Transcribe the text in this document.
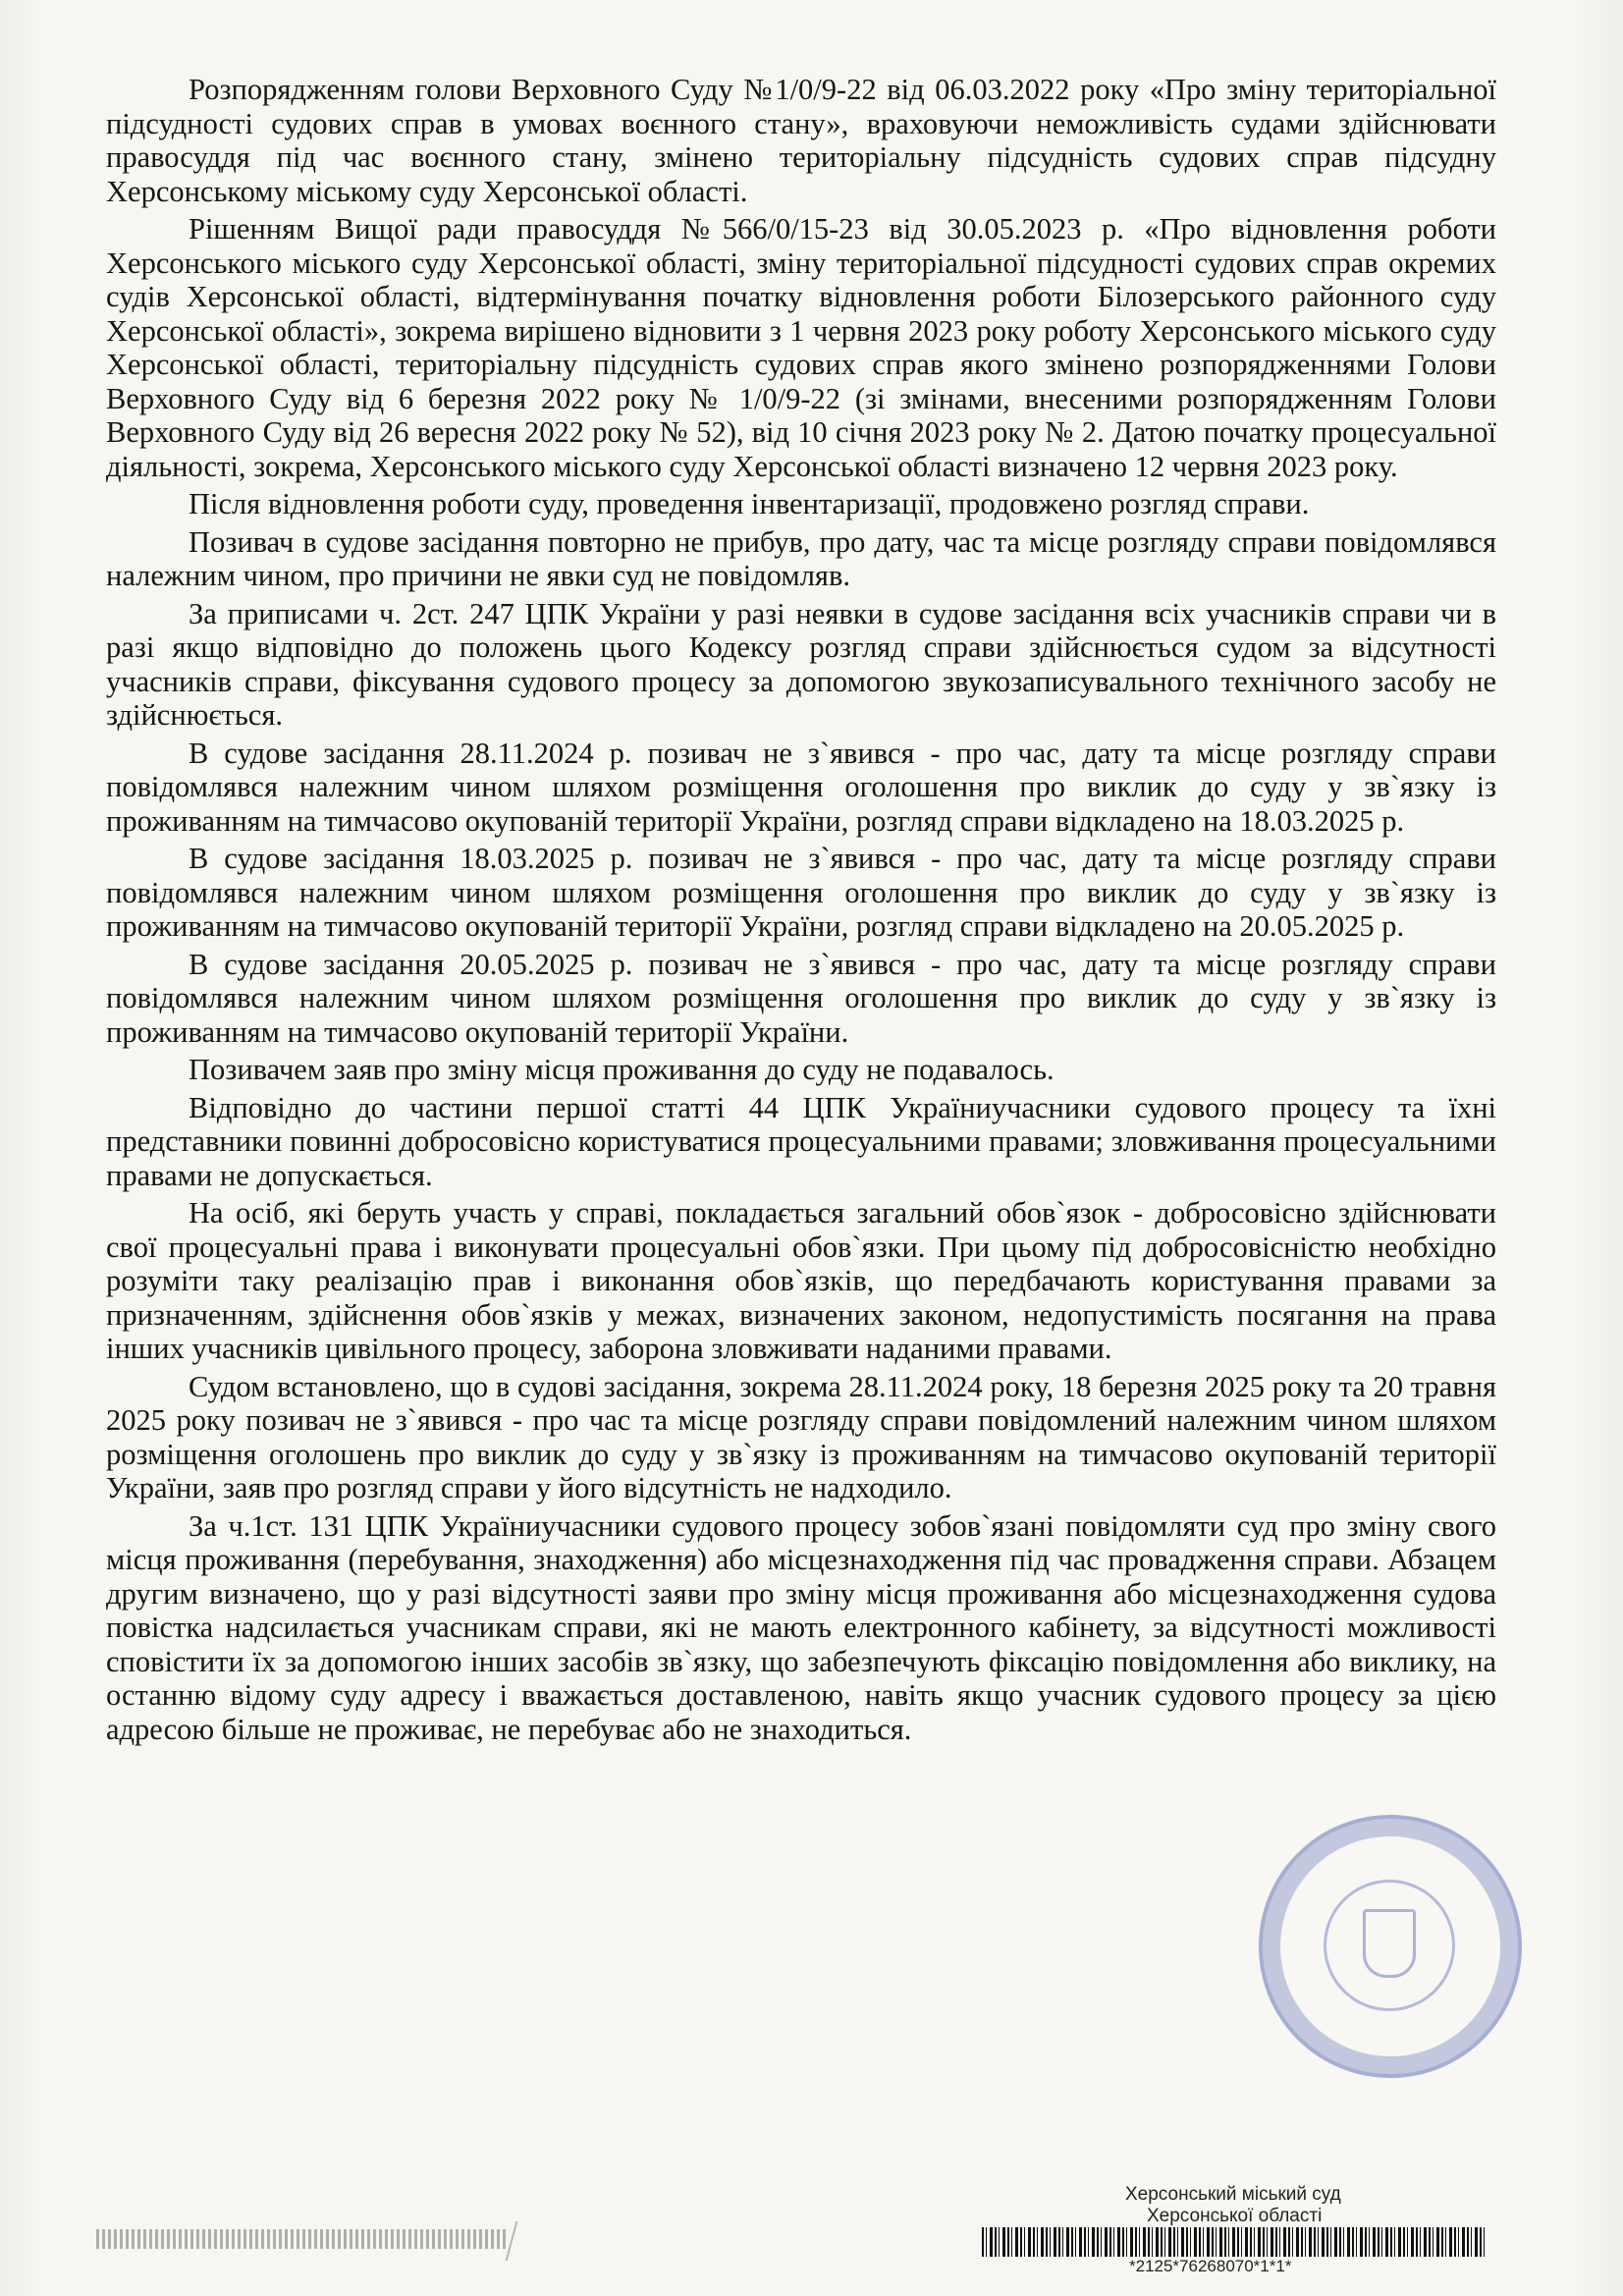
Розпорядженням голови Верховного Суду №1/0/9-22 від 06.03.2022 року «Про зміну територіальної підсудності судових справ в умовах воєнного стану», враховуючи неможливість судами здійснювати правосуддя під час воєнного стану, змінено територіальну підсудність судових справ підсудну Херсонському міському суду Херсонської області.

Рішенням Вищої ради правосуддя №566/0/15-23 від 30.05.2023 р. «Про відновлення роботи Херсонського міського суду Херсонської області, зміну територіальної підсудності судових справ окремих судів Херсонської області, відтермінування початку відновлення роботи Білозерського районного суду Херсонської області», зокрема вирішено відновити з 1 червня 2023 року роботу Херсонського міського суду Херсонської області, територіальну підсудність судових справ якого змінено розпорядженнями Голови Верховного Суду від 6 березня 2022 року № 1/0/9-22 (зі змінами, внесеними розпорядженням Голови Верховного Суду від 26 вересня 2022 року № 52), від 10 січня 2023 року № 2. Датою початку процесуальної діяльності, зокрема, Херсонського міського суду Херсонської області визначено 12 червня 2023 року.

Після відновлення роботи суду, проведення інвентаризації, продовжено розгляд справи.

Позивач в судове засідання повторно не прибув, про дату, час та місце розгляду справи повідомлявся належним чином, про причини не явки суд не повідомляв.

За приписами ч. 2ст. 247 ЦПК України у разі неявки в судове засідання всіх учасників справи чи в разі якщо відповідно до положень цього Кодексу розгляд справи здійснюється судом за відсутності учасників справи, фіксування судового процесу за допомогою звукозаписувального технічного засобу не здійснюється.

В судове засідання 28.11.2024 р. позивач не з`явився - про час, дату та місце розгляду справи повідомлявся належним чином шляхом розміщення оголошення про виклик до суду у зв`язку із проживанням на тимчасово окупованій території України, розгляд справи відкладено на 18.03.2025 р.

В судове засідання 18.03.2025 р. позивач не з`явився - про час, дату та місце розгляду справи повідомлявся належним чином шляхом розміщення оголошення про виклик до суду у зв`язку із проживанням на тимчасово окупованій території України, розгляд справи відкладено на 20.05.2025 р.

В судове засідання 20.05.2025 р. позивач не з`явився - про час, дату та місце розгляду справи повідомлявся належним чином шляхом розміщення оголошення про виклик до суду у зв`язку із проживанням на тимчасово окупованій території України.

Позивачем заяв про зміну місця проживання до суду не подавалось.

Відповідно до частини першої статті 44 ЦПК Україниучасники судового процесу та їхні представники повинні добросовісно користуватися процесуальними правами; зловживання процесуальними правами не допускається.

На осіб, які беруть участь у справі, покладається загальний обов`язок - добросовісно здійснювати свої процесуальні права і виконувати процесуальні обов`язки. При цьому під добросовісністю необхідно розуміти таку реалізацію прав і виконання обов`язків, що передбачають користування правами за призначенням, здійснення обов`язків у межах, визначених законом, недопустимість посягання на права інших учасників цивільного процесу, заборона зловживати наданими правами.

Судом встановлено, що в судові засідання, зокрема 28.11.2024 року, 18 березня 2025 року та 20 травня 2025 року позивач не з`явився - про час та місце розгляду справи повідомлений належним чином шляхом розміщення оголошень про виклик до суду у зв`язку із проживанням на тимчасово окупованій території України, заяв про розгляд справи у його відсутність не надходило.

За ч.1ст. 131 ЦПК Україниучасники судового процесу зобов`язані повідомляти суд про зміну свого місця проживання (перебування, знаходження) або місцезнаходження під час провадження справи. Абзацем другим визначено, що у разі відсутності заяви про зміну місця проживання або місцезнаходження судова повістка надсилається учасникам справи, які не мають електронного кабінету, за відсутності можливості сповістити їх за допомогою інших засобів зв`язку, що забезпечують фіксацію повідомлення або виклику, на останню відому суду адресу і вважається доставленою, навіть якщо учасник судового процесу за цією адресою більше не проживає, не перебуває або не знаходиться.

Херсонський міський суд
Херсонської області
*2125*76268070*1*1*
